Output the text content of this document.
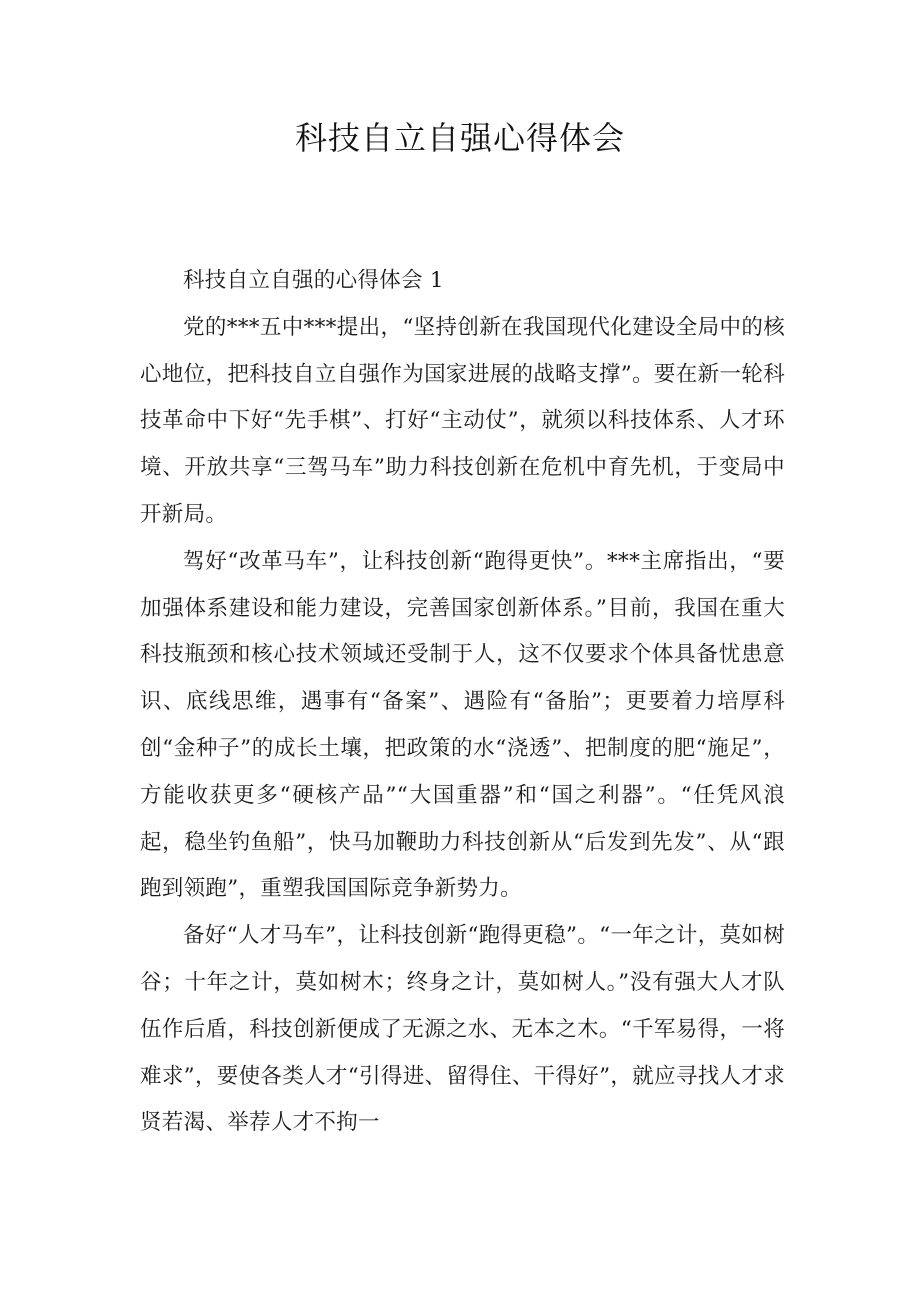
科技自立自强心得体会

科技自立自强的心得体会 1

党的***五中***提出，“坚持创新在我国现代化建设全局中的核心地位，把科技自立自强作为国家进展的战略支撑”。要在新一轮科技革命中下好“先手棋”、打好“主动仗”，就须以科技体系、人才环境、开放共享“三驾马车”助力科技创新在危机中育先机，于变局中开新局。

驾好“改革马车”，让科技创新“跑得更快”。***主席指出，“要加强体系建设和能力建设，完善国家创新体系。”目前，我国在重大科技瓶颈和核心技术领域还受制于人，这不仅要求个体具备忧患意识、底线思维，遇事有“备案”、遇险有“备胎”；更要着力培厚科创“金种子”的成长土壤，把政策的水“浇透”、把制度的肥“施足”，方能收获更多“硬核产品”“大国重器”和“国之利器”。“任凭风浪起，稳坐钓鱼船”，快马加鞭助力科技创新从“后发到先发”、从“跟跑到领跑”，重塑我国国际竞争新势力。

备好“人才马车”，让科技创新“跑得更稳”。“一年之计，莫如树谷；十年之计，莫如树木；终身之计，莫如树人。”没有强大人才队伍作后盾，科技创新便成了无源之水、无本之木。“千军易得，一将难求”，要使各类人才“引得进、留得住、干得好”，就应寻找人才求贤若渴、举荐人才不拘一
